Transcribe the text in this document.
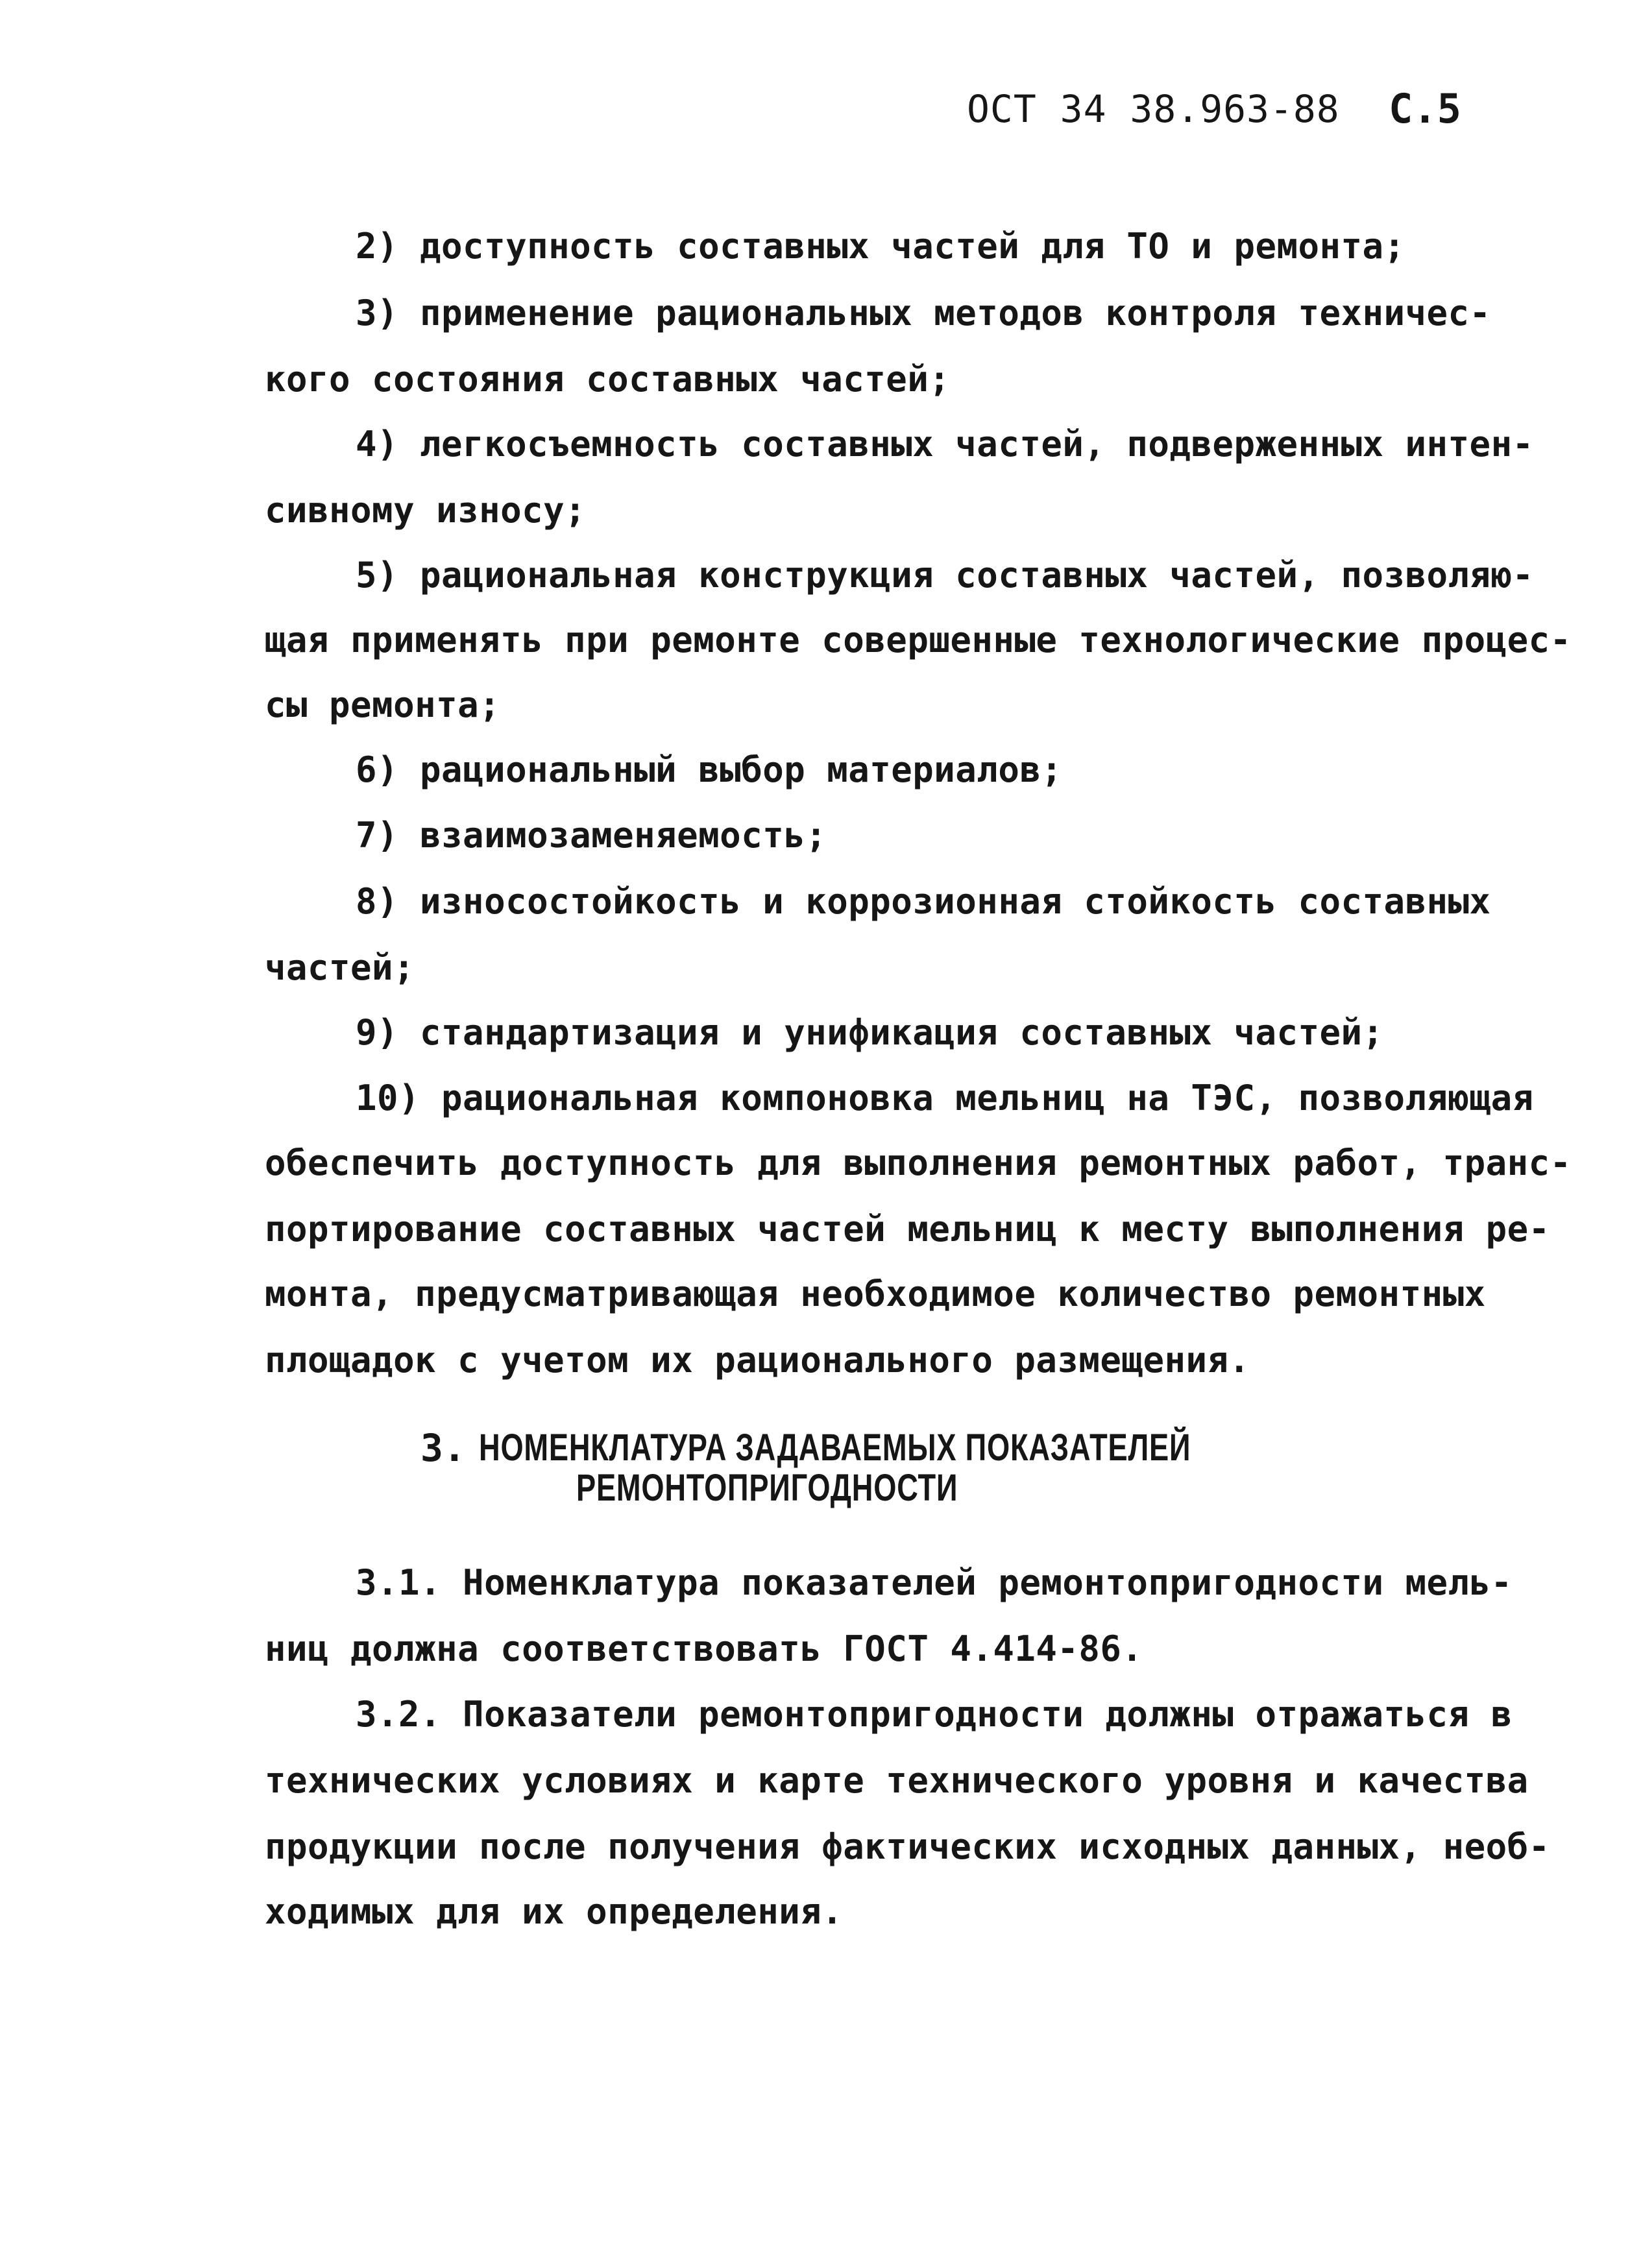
ОСТ 34 38.963-88 С.5
2) доступность составных частей для ТО и ремонта;
3) применение рациональных методов контроля техничес-
кого состояния составных частей;
4) легкосъемность составных частей, подверженных интен-
сивному износу;
5) рациональная конструкция составных частей, позволяю-
щая применять при ремонте совершенные технологические процес-
сы ремонта;
6) рациональный выбор материалов;
7) взаимозаменяемость;
8) износостойкость и коррозионная стойкость составных
частей;
9) стандартизация и унификация составных частей;
10) рациональная компоновка мельниц на ТЭС, позволяющая
обеспечить доступность для выполнения ремонтных работ, транс-
портирование составных частей мельниц к месту выполнения ре-
монта, предусматривающая необходимое количество ремонтных
площадок с учетом их рационального размещения.
3. НОМЕНКЛАТУРА ЗАДАВАЕМЫХ ПОКАЗАТЕЛЕЙ
РЕМОНТОПРИГОДНОСТИ
3.1. Номенклатура показателей ремонтопригодности мель-
ниц должна соответствовать ГОСТ 4.414-86.
3.2. Показатели ремонтопригодности должны отражаться в
технических условиях и карте технического уровня и качества
продукции после получения фактических исходных данных, необ-
ходимых для их определения.
